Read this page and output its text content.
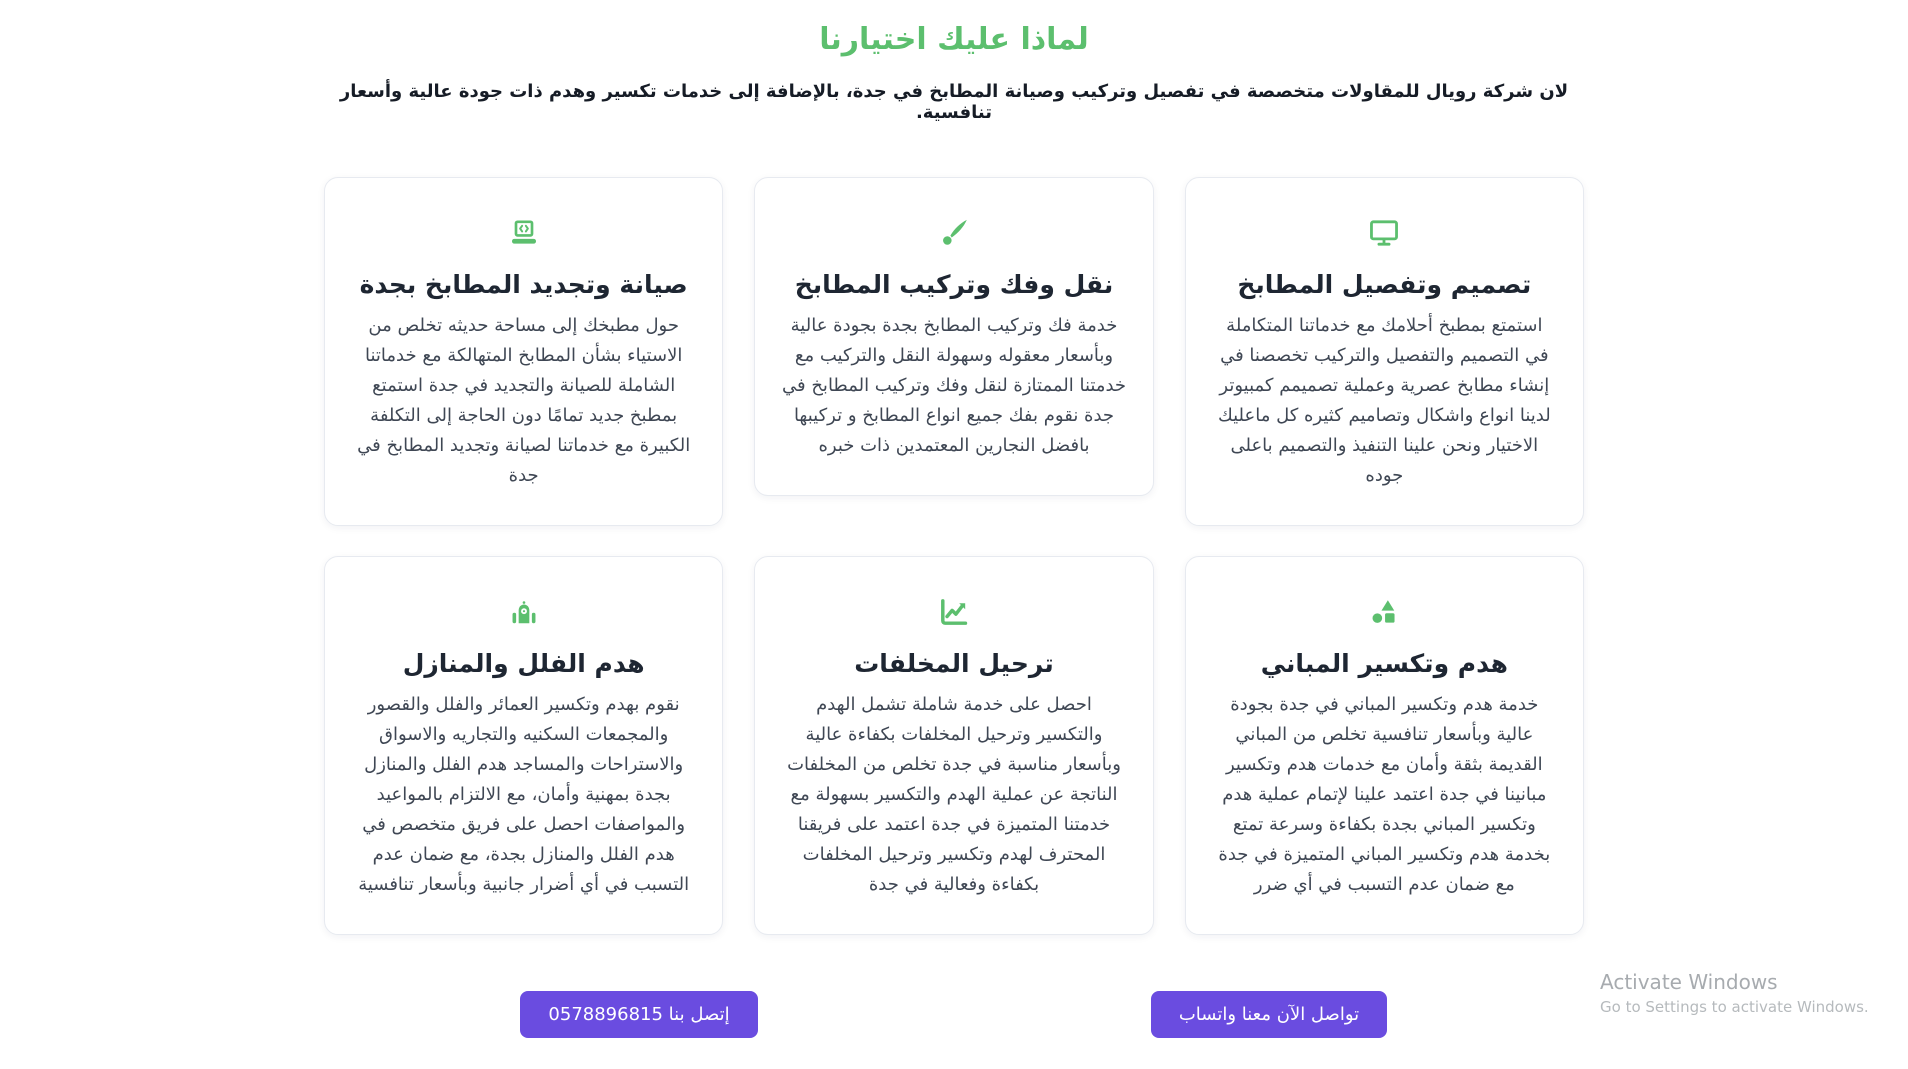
لماذا عليك اختيارنا

لان شركة رويال للمقاولات متخصصة في تفصيل وتركيب وصيانة المطابخ في جدة، بالإضافة إلى خدمات تكسير وهدم ذات جودة عالية وأسعار تنافسية.

تصميم وتفصيل المطابخ

استمتع بمطبخ أحلامك مع خدماتنا المتكاملة في التصميم والتفصيل والتركيب تخصصنا في إنشاء مطابخ عصرية وعملية تصميمم كمبيوتر لدينا انواع واشكال وتصاميم كثيره كل ماعليك الاختيار ونحن علينا التنفيذ والتصميم باعلى جوده

نقل وفك وتركيب المطابخ

خدمة فك وتركيب المطابخ بجدة بجودة عالية وبأسعار معقوله وسهولة النقل والتركيب مع خدمتنا الممتازة لنقل وفك وتركيب المطابخ في جدة نقوم بفك جميع انواع المطابخ و تركيبها بافضل النجارين المعتمدين ذات خبره

صيانة وتجديد المطابخ بجدة

حول مطبخك إلى مساحة حديثه تخلص من الاستياء بشأن المطابخ المتهالكة مع خدماتنا الشاملة للصيانة والتجديد في جدة استمتع بمطبخ جديد تمامًا دون الحاجة إلى التكلفة الكبيرة مع خدماتنا لصيانة وتجديد المطابخ في جدة

هدم وتكسير المباني

خدمة هدم وتكسير المباني في جدة بجودة عالية وبأسعار تنافسية تخلص من المباني القديمة بثقة وأمان مع خدمات هدم وتكسير مبانينا في جدة اعتمد علينا لإتمام عملية هدم وتكسير المباني بجدة بكفاءة وسرعة تمتع بخدمة هدم وتكسير المباني المتميزة في جدة مع ضمان عدم التسبب في أي ضرر

ترحيل المخلفات

احصل على خدمة شاملة تشمل الهدم والتكسير وترحيل المخلفات بكفاءة عالية وبأسعار مناسبة في جدة تخلص من المخلفات الناتجة عن عملية الهدم والتكسير بسهولة مع خدمتنا المتميزة في جدة اعتمد على فريقنا المحترف لهدم وتكسير وترحيل المخلفات بكفاءة وفعالية في جدة

هدم الفلل والمنازل

نقوم بهدم وتكسير العمائر والفلل والقصور والمجمعات السكنيه والتجاريه والاسواق والاستراحات والمساجد هدم الفلل والمنازل بجدة بمهنية وأمان، مع الالتزام بالمواعيد والمواصفات احصل على فريق متخصص في هدم الفلل والمنازل بجدة، مع ضمان عدم التسبب في أي أضرار جانبية وبأسعار تنافسية

تواصل الآن معنا واتساب
إتصل بنا 0578896815

Activate Windows

Go to Settings to activate Windows.
